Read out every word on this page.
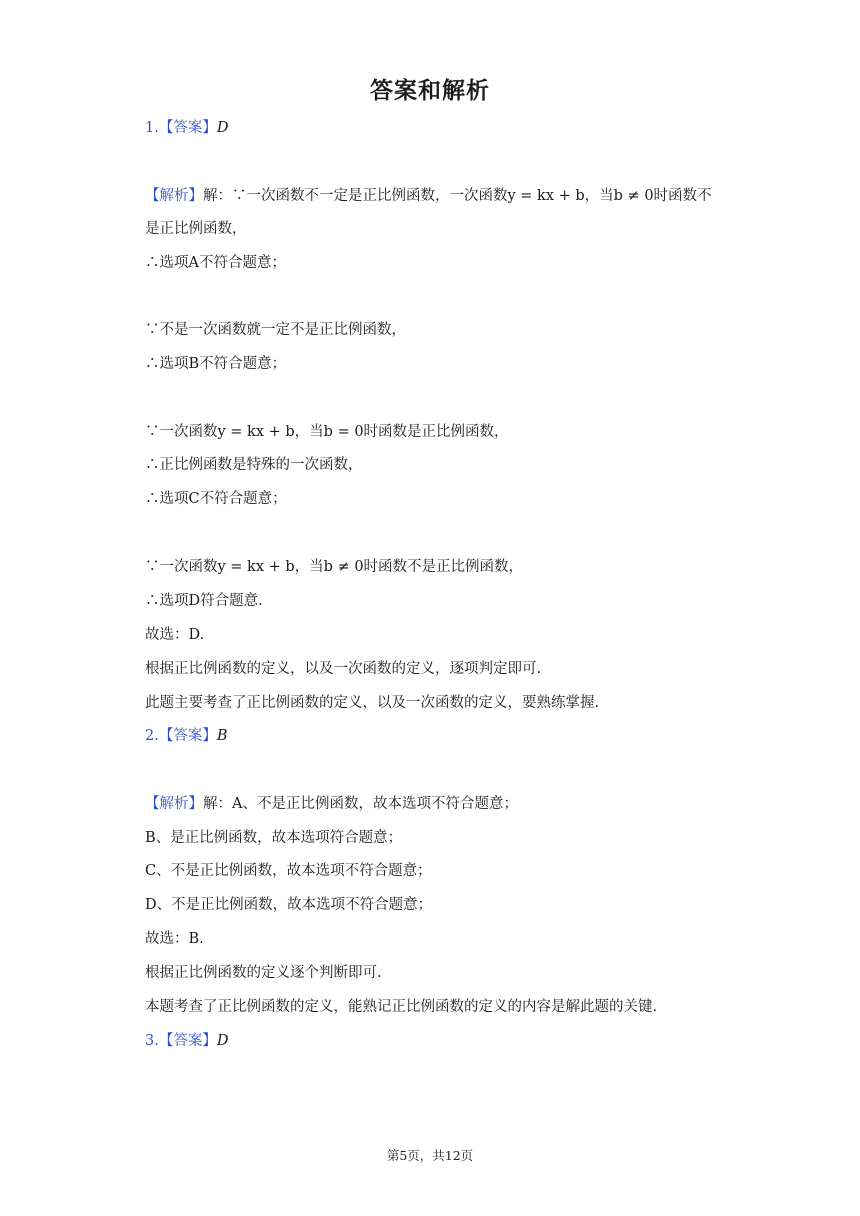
答案和解析
1.【答案】D
【解析】解：∵一次函数不一定是正比例函数，一次函数y = kx + b，当b ≠ 0时函数不
是正比例函数，
∴选项A不符合题意；
∵不是一次函数就一定不是正比例函数，
∴选项B不符合题意；
∵一次函数y = kx + b，当b = 0时函数是正比例函数，
∴正比例函数是特殊的一次函数，
∴选项C不符合题意；
∵一次函数y = kx + b，当b ≠ 0时函数不是正比例函数，
∴选项D符合题意.
故选：D.
根据正比例函数的定义，以及一次函数的定义，逐项判定即可.
此题主要考查了正比例函数的定义，以及一次函数的定义，要熟练掌握.
2.【答案】B
【解析】解：A、不是正比例函数，故本选项不符合题意；
B、是正比例函数，故本选项符合题意；
C、不是正比例函数，故本选项不符合题意；
D、不是正比例函数，故本选项不符合题意；
故选：B.
根据正比例函数的定义逐个判断即可.
本题考查了正比例函数的定义，能熟记正比例函数的定义的内容是解此题的关键.
3.【答案】D
第5页，共12页
